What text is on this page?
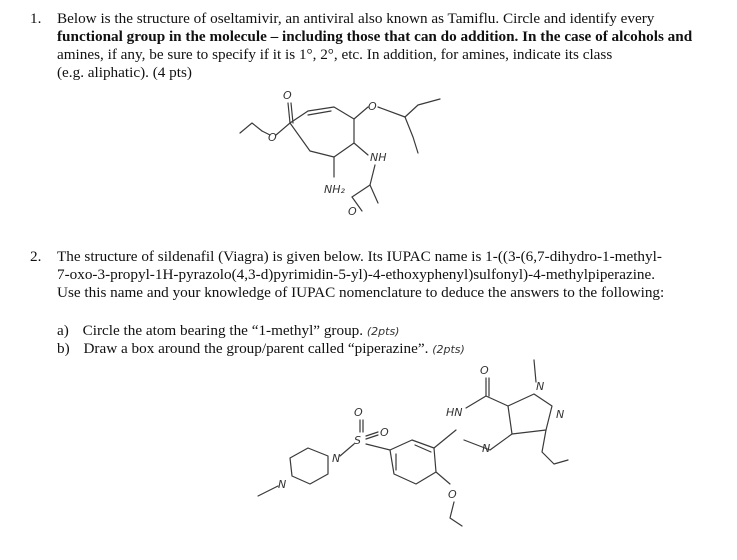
1. Below is the structure of oseltamivir, an antiviral also known as Tamiflu. Circle and identify every
functional group in the molecule – including those that can do addition. In the case of alcohols and
amines, if any, be sure to specify if it is 1°, 2°, etc. In addition, for amines, indicate its class
(e.g. aliphatic). (4 pts)
O
O
O
NH
O
NH₂
2. The structure of sildenafil (Viagra) is given below. Its IUPAC name is 1-((3-(6,7-dihydro-1-methyl-
7-oxo-3-propyl-1H-pyrazolo(4,3-d)pyrimidin-5-yl)-4-ethoxyphenyl)sulfonyl)-4-methylpiperazine.
Use this name and your knowledge of IUPAC nomenclature to deduce the answers to the following:
a) Circle the atom bearing the “1-methyl” group. (2pts)
b) Draw a box around the group/parent called “piperazine”. (2pts)
N
N
S
O
O
O
HN
N
O
N
N
